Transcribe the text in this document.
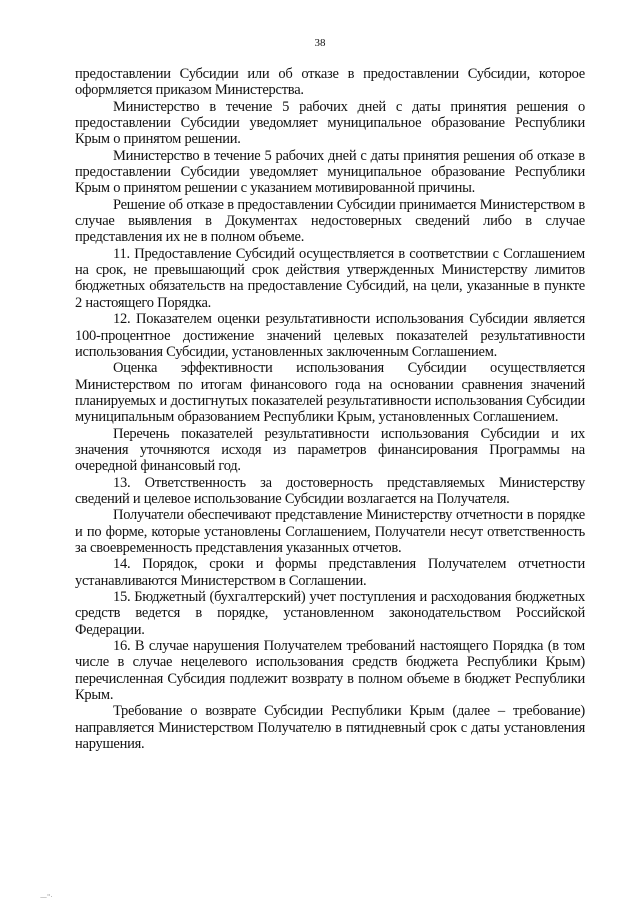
38

предоставлении Субсидии или об отказе в предоставлении Субсидии, которое оформляется приказом Министерства.

Министерство в течение 5 рабочих дней с даты принятия решения о предоставлении Субсидии уведомляет муниципальное образование Республики Крым о принятом решении.

Министерство в течение 5 рабочих дней с даты принятия решения об отказе в предоставлении Субсидии уведомляет муниципальное образование Республики Крым о принятом решении с указанием мотивированной причины.

Решение об отказе в предоставлении Субсидии принимается Министерством в случае выявления в Документах недостоверных сведений либо в случае представления их не в полном объеме.

11. Предоставление Субсидий осуществляется в соответствии с Соглашением на срок, не превышающий срок действия утвержденных Министерству лимитов бюджетных обязательств на предоставление Субсидий, на цели, указанные в пункте 2 настоящего Порядка.

12. Показателем оценки результативности использования Субсидии является 100-процентное достижение значений целевых показателей результативности использования Субсидии, установленных заключенным Соглашением.

Оценка эффективности использования Субсидии осуществляется Министерством по итогам финансового года на основании сравнения значений планируемых и достигнутых показателей результативности использования Субсидии муниципальным образованием Республики Крым, установленных Соглашением.

Перечень показателей результативности использования Субсидии и их значения уточняются исходя из параметров финансирования Программы на очередной финансовый год.

13. Ответственность за достоверность представляемых Министерству сведений и целевое использование Субсидии возлагается на Получателя.

Получатели обеспечивают представление Министерству отчетности в порядке и по форме, которые установлены Соглашением, Получатели несут ответственность за своевременность представления указанных отчетов.

14. Порядок, сроки и формы представления Получателем отчетности устанавливаются Министерством в Соглашении.

15. Бюджетный (бухгалтерский) учет поступления и расходования бюджетных средств ведется в порядке, установленном законодательством Российской Федерации.

16. В случае нарушения Получателем требований настоящего Порядка (в том числе в случае нецелевого использования средств бюджета Республики Крым) перечисленная Субсидия подлежит возврату в полном объеме в бюджет Республики Крым.

Требование о возврате Субсидии Республики Крым (далее – требование) направляется Министерством Получателю в пятидневный срок с даты установления нарушения.

—"·
